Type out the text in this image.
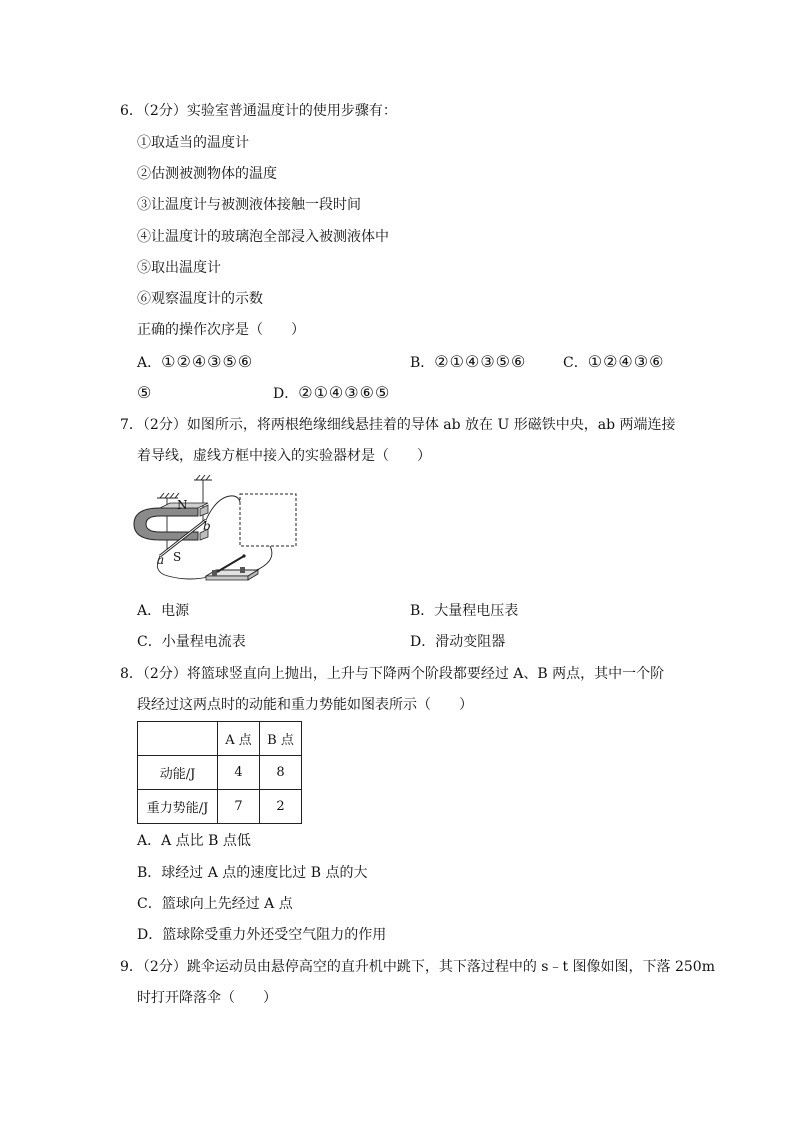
6．（2分）实验室普通温度计的使用步骤有：
①取适当的温度计
②估测被测物体的温度
③让温度计与被测液体接触一段时间
④让温度计的玻璃泡全部浸入被测液体中
⑤取出温度计
⑥观察温度计的示数
正确的操作次序是（　　）
A．①②④③⑤⑥	B．②①④③⑤⑥	C．①②④③⑥
⑤	D．②①④③⑥⑤
7．（2分）如图所示，将两根绝缘细线悬挂着的导体 ab 放在 U 形磁铁中央，ab 两端连接
着导线，虚线方框中接入的实验器材是（　　）
N
S
a
b
A．电源	B．大量程电压表
C．小量程电流表	D．滑动变阻器
8．（2分）将篮球竖直向上抛出，上升与下降两个阶段都要经过 A、B 两点，其中一个阶
段经过这两点时的动能和重力势能如图表所示（　　）
	A 点	B 点
动能/J	4	8
重力势能/J	7	2
A．A 点比 B 点低
B．球经过 A 点的速度比过 B 点的大
C．篮球向上先经过 A 点
D．篮球除受重力外还受空气阻力的作用
9．（2分）跳伞运动员由悬停高空的直升机中跳下，其下落过程中的 s﹣t 图像如图，下落 250m
时打开降落伞（　　）
